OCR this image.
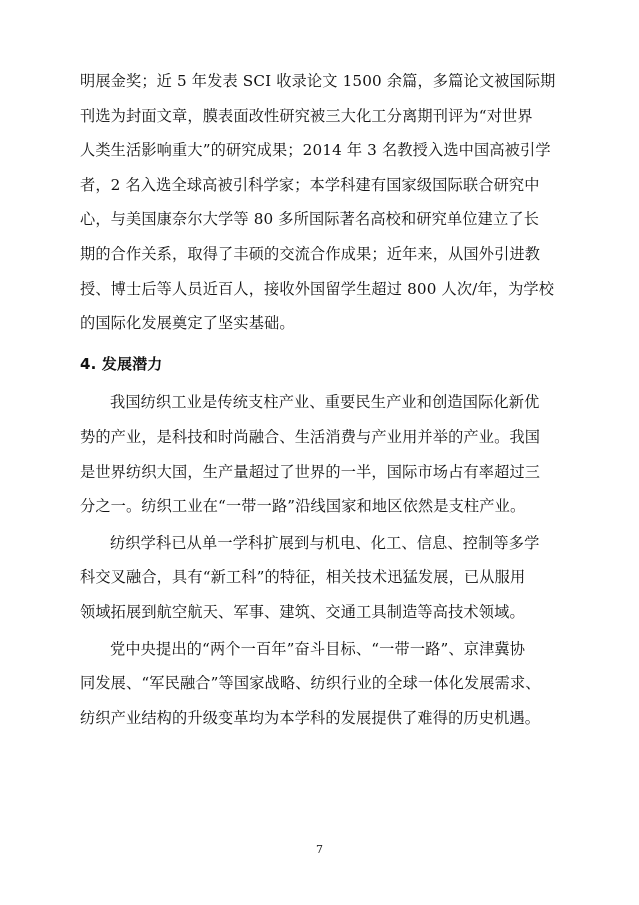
明展金奖；近 5 年发表 SCI 收录论文 1500 余篇，多篇论文被国际期
刊选为封面文章，膜表面改性研究被三大化工分离期刊评为“对世界
人类生活影响重大”的研究成果；2014 年 3 名教授入选中国高被引学
者，2 名入选全球高被引科学家；本学科建有国家级国际联合研究中
心，与美国康奈尔大学等 80 多所国际著名高校和研究单位建立了长
期的合作关系，取得了丰硕的交流合作成果；近年来，从国外引进教
授、博士后等人员近百人，接收外国留学生超过 800 人次/年，为学校
的国际化发展奠定了坚实基础。
4. 发展潜力
我国纺织工业是传统支柱产业、重要民生产业和创造国际化新优
势的产业，是科技和时尚融合、生活消费与产业用并举的产业。我国
是世界纺织大国，生产量超过了世界的一半，国际市场占有率超过三
分之一。纺织工业在“一带一路”沿线国家和地区依然是支柱产业。
纺织学科已从单一学科扩展到与机电、化工、信息、控制等多学
科交叉融合，具有“新工科”的特征，相关技术迅猛发展，已从服用
领域拓展到航空航天、军事、建筑、交通工具制造等高技术领域。
党中央提出的“两个一百年”奋斗目标、“一带一路”、京津冀协
同发展、“军民融合”等国家战略、纺织行业的全球一体化发展需求、
纺织产业结构的升级变革均为本学科的发展提供了难得的历史机遇。
7
